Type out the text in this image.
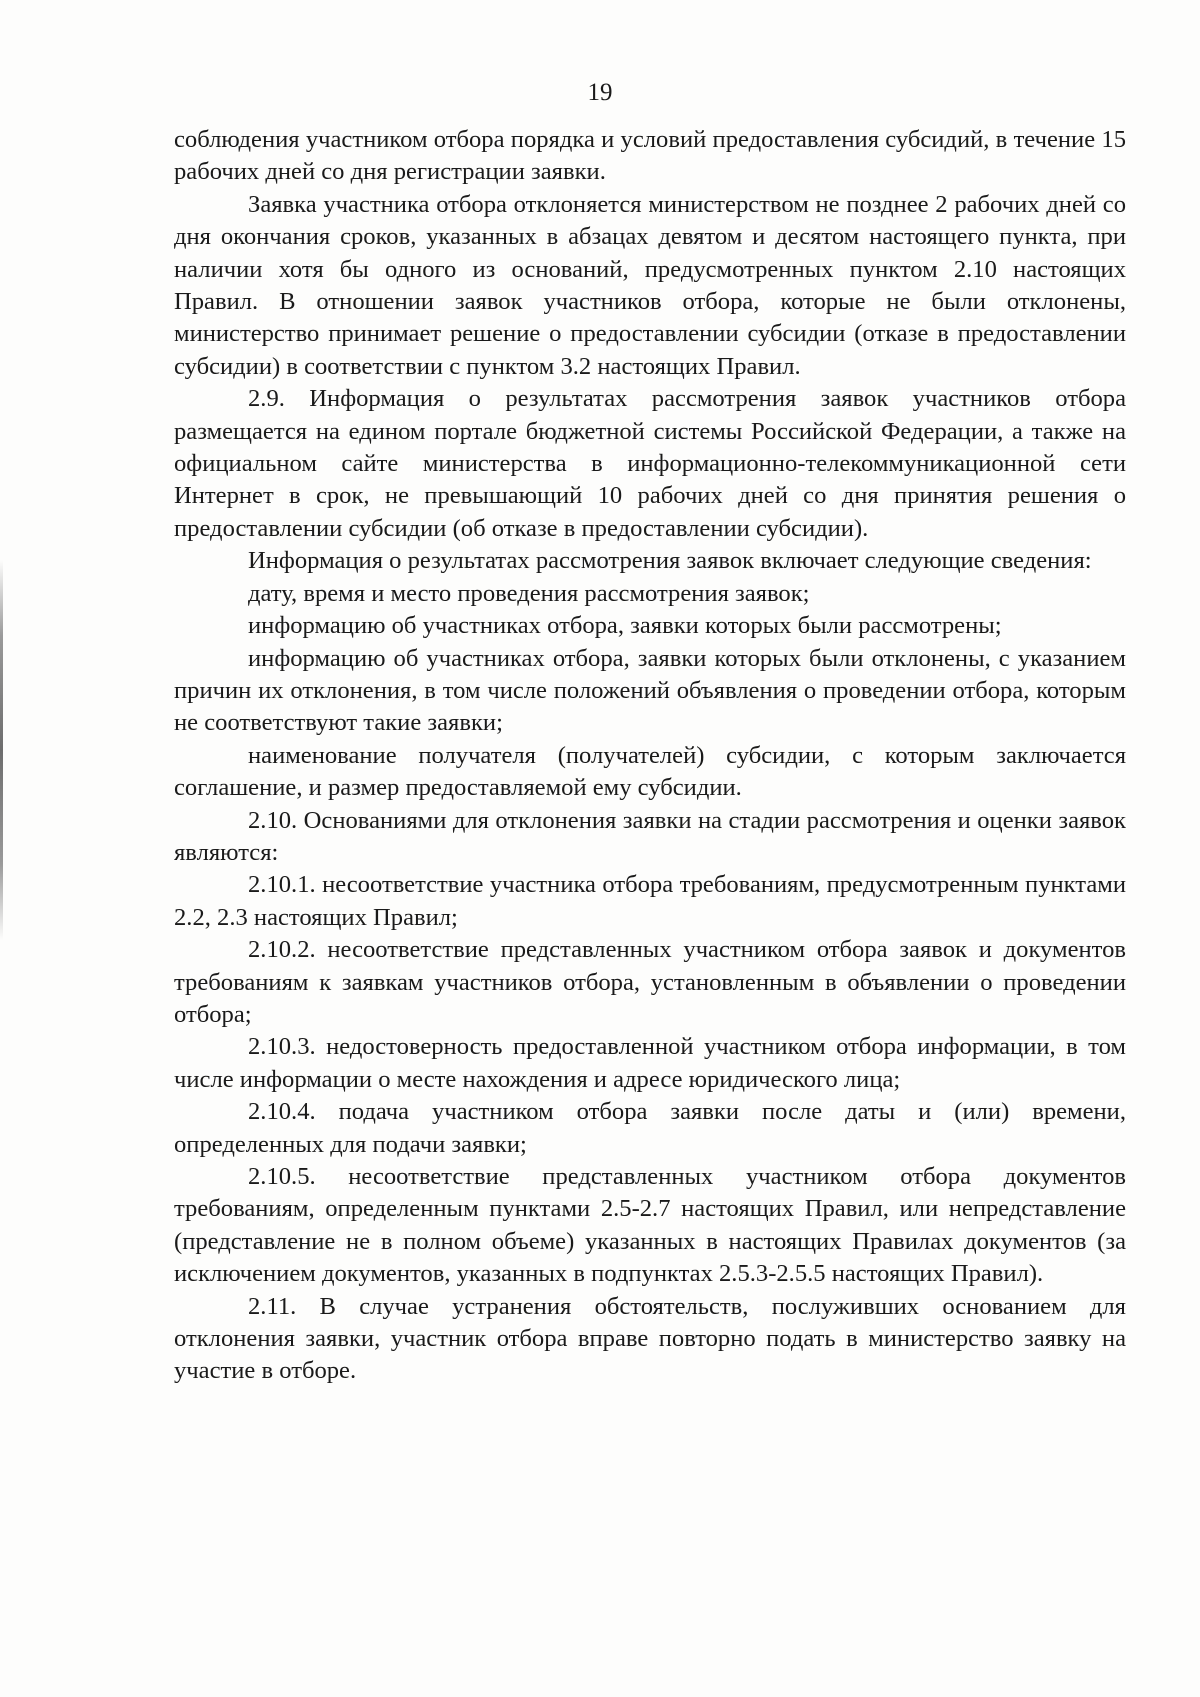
19

соблюдения участником отбора порядка и условий предоставления субсидий, в течение 15 рабочих дней со дня регистрации заявки.

Заявка участника отбора отклоняется министерством не позднее 2 рабочих дней со дня окончания сроков, указанных в абзацах девятом и десятом настоящего пункта, при наличии хотя бы одного из оснований, предусмотренных пунктом 2.10 настоящих Правил. В отношении заявок участников отбора, которые не были отклонены, министерство принимает решение о предоставлении субсидии (отказе в предоставлении субсидии) в соответствии с пунктом 3.2 настоящих Правил.

2.9. Информация о результатах рассмотрения заявок участников отбора размещается на едином портале бюджетной системы Российской Федерации, а также на официальном сайте министерства в информационно-телекоммуникационной сети Интернет в срок, не превышающий 10 рабочих дней со дня принятия решения о предоставлении субсидии (об отказе в предоставлении субсидии).

Информация о результатах рассмотрения заявок включает следующие сведения:

дату, время и место проведения рассмотрения заявок;

информацию об участниках отбора, заявки которых были рассмотрены;

информацию об участниках отбора, заявки которых были отклонены, с указанием причин их отклонения, в том числе положений объявления о проведении отбора, которым не соответствуют такие заявки;

наименование получателя (получателей) субсидии, с которым заключается соглашение, и размер предоставляемой ему субсидии.

2.10. Основаниями для отклонения заявки на стадии рассмотрения и оценки заявок являются:

2.10.1. несоответствие участника отбора требованиям, предусмотренным пунктами 2.2, 2.3 настоящих Правил;

2.10.2. несоответствие представленных участником отбора заявок и документов требованиям к заявкам участников отбора, установленным в объявлении о проведении отбора;

2.10.3. недостоверность предоставленной участником отбора информации, в том числе информации о месте нахождения и адресе юридического лица;

2.10.4. подача участником отбора заявки после даты и (или) времени, определенных для подачи заявки;

2.10.5. несоответствие представленных участником отбора документов требованиям, определенным пунктами 2.5-2.7 настоящих Правил, или непредставление (представление не в полном объеме) указанных в настоящих Правилах документов (за исключением документов, указанных в подпунктах 2.5.3-2.5.5 настоящих Правил).

2.11. В случае устранения обстоятельств, послуживших основанием для отклонения заявки, участник отбора вправе повторно подать в министерство заявку на участие в отборе.
